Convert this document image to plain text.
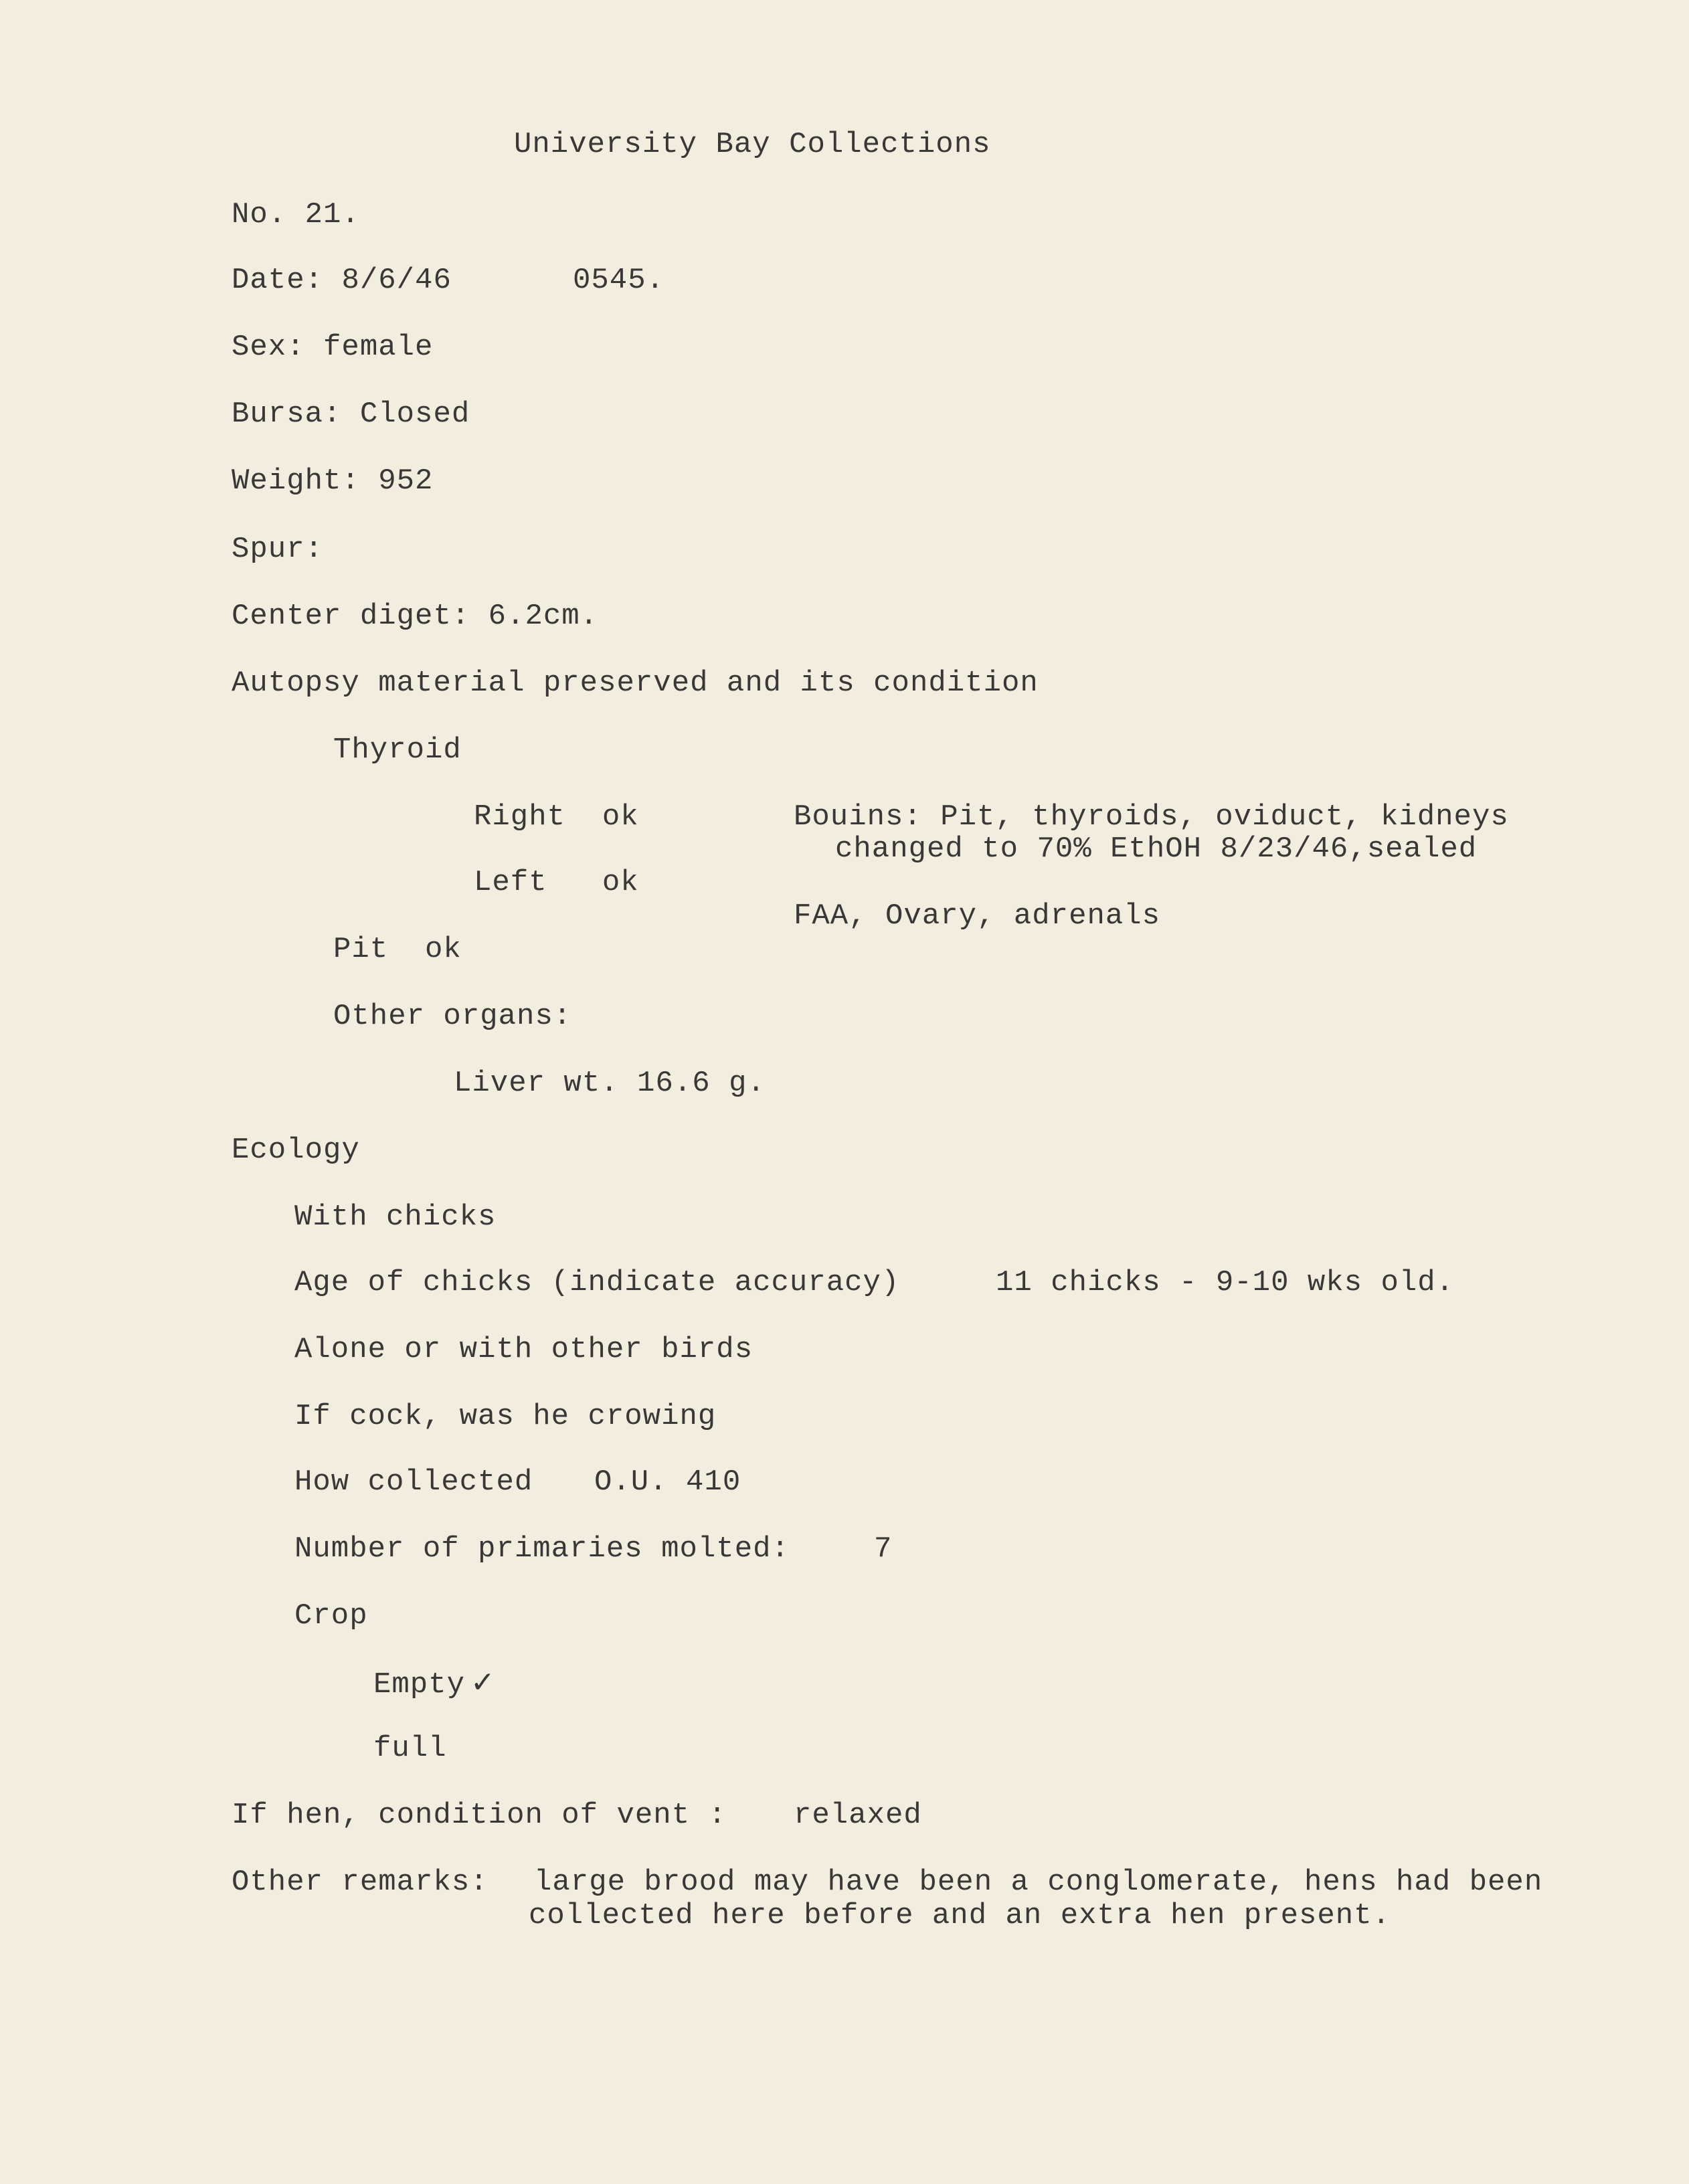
University Bay Collections
No. 21.
Date: 8/6/46	0545.
Sex: female
Bursa: Closed
Weight: 952
Spur:
Center diget: 6.2cm.
Autopsy material preserved and its condition
Thyroid
Right  ok
Left   ok
Bouins: Pit, thyroids, oviduct, kidneys
changed to 70% EthOH 8/23/46,sealed
FAA, Ovary, adrenals
Pit  ok
Other organs:
Liver wt. 16.6 g.
Ecology
With chicks
Age of chicks (indicate accuracy)	11 chicks - 9-10 wks old.
Alone or with other birds
If cock, was he crowing
How collected O.U. 410
Number of primaries molted:	7
Crop
Empty ✓
full
If hen, condition of vent : relaxed
Other remarks: large brood may have been a conglomerate, hens had been
collected here before and an extra hen present.
